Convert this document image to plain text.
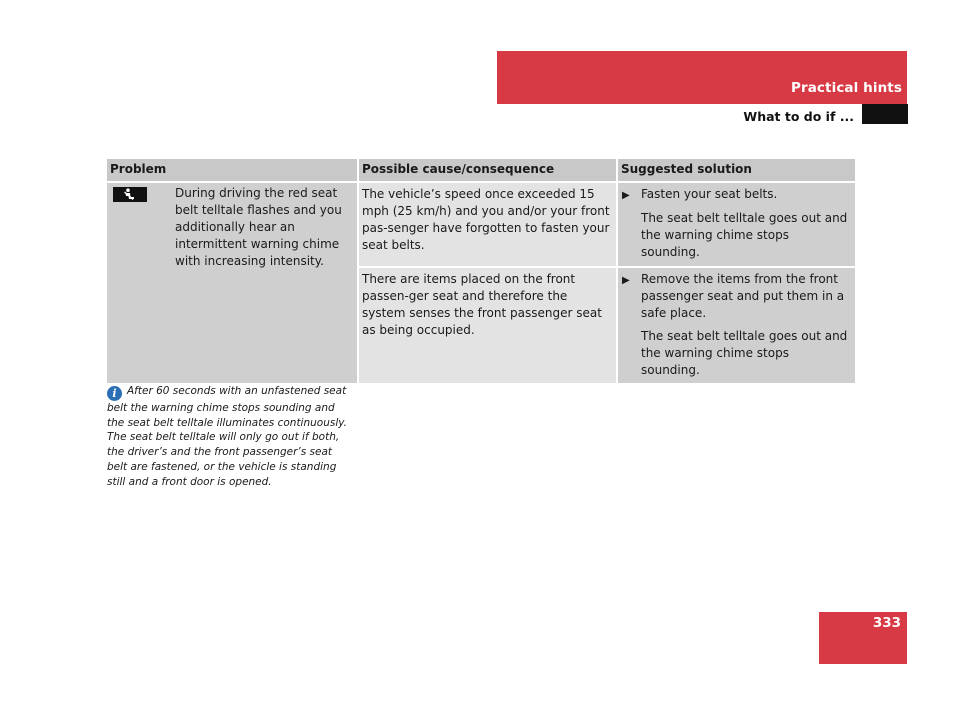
Practical hints
What to do if ...
Problem	Possible cause/consequence	Suggested solution

During driving the red seat belt telltale flashes and you additionally hear an intermittent warning chime with increasing intensity.	The vehicle’s speed once exceeded 15 mph (25 km/h) and you and/or your front pas-senger have forgotten to fasten your seat belts.	▶ Fasten your seat belts.
The seat belt telltale goes out and the warning chime stops sounding.

	There are items placed on the front passen-ger seat and therefore the system senses the front passenger seat as being occupied.	▶ Remove the items from the front passenger seat and put them in a safe place.
The seat belt telltale goes out and the warning chime stops sounding.
i After 60 seconds with an unfastened seat belt the warning chime stops sounding and the seat belt telltale illuminates continuously. The seat belt telltale will only go out if both, the driver’s and the front passenger’s seat belt are fastened, or the vehicle is standing still and a front door is opened.
333
